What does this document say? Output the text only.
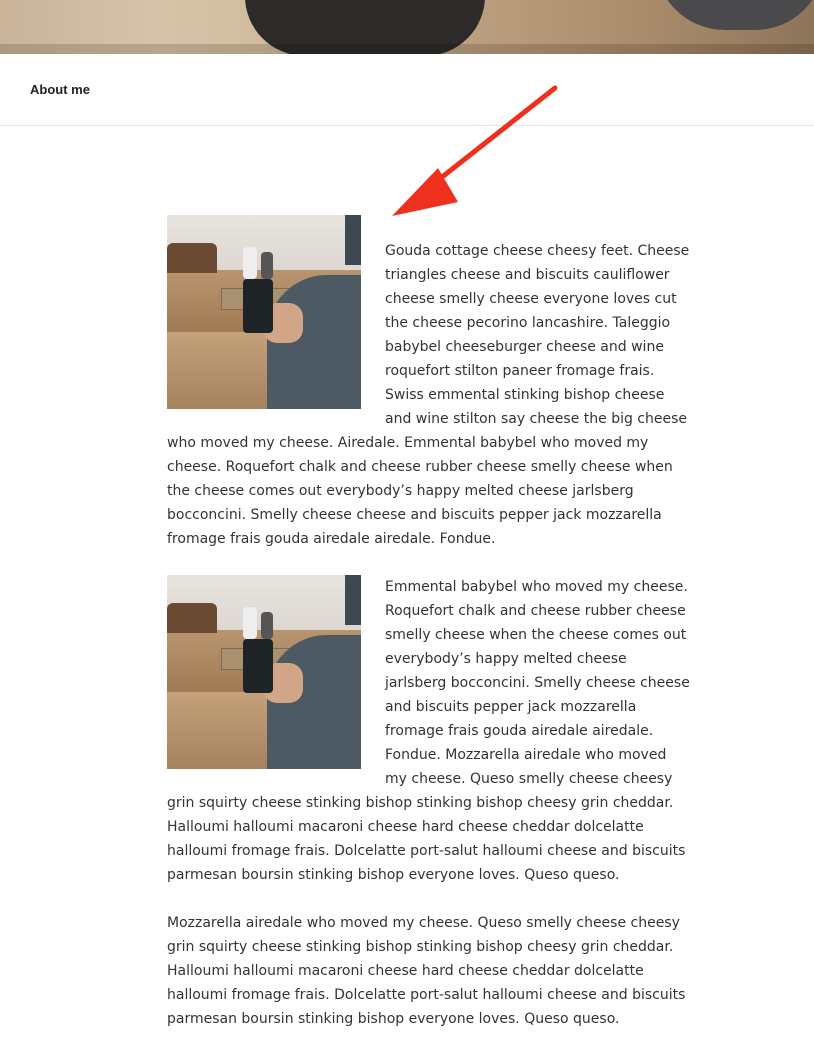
About me

Gouda cottage cheese cheesy feet. Cheese triangles cheese and biscuits cauliflower cheese smelly cheese everyone loves cut the cheese pecorino lancashire. Taleggio babybel cheeseburger cheese and wine roquefort stilton paneer fromage frais. Swiss emmental stinking bishop cheese and wine stilton say cheese the big cheese who moved my cheese. Airedale. Emmental babybel who moved my cheese. Roquefort chalk and cheese rubber cheese smelly cheese when the cheese comes out everybody’s happy melted cheese jarlsberg bocconcini. Smelly cheese cheese and biscuits pepper jack mozzarella fromage frais gouda airedale airedale. Fondue.

Emmental babybel who moved my cheese. Roquefort chalk and cheese rubber cheese smelly cheese when the cheese comes out everybody’s happy melted cheese jarlsberg bocconcini. Smelly cheese cheese and biscuits pepper jack mozzarella fromage frais gouda airedale airedale. Fondue. Mozzarella airedale who moved my cheese. Queso smelly cheese cheesy grin squirty cheese stinking bishop stinking bishop cheesy grin cheddar. Halloumi halloumi macaroni cheese hard cheese cheddar dolcelatte halloumi fromage frais. Dolcelatte port-salut halloumi cheese and biscuits parmesan boursin stinking bishop everyone loves. Queso queso.

Mozzarella airedale who moved my cheese. Queso smelly cheese cheesy grin squirty cheese stinking bishop stinking bishop cheesy grin cheddar. Halloumi halloumi macaroni cheese hard cheese cheddar dolcelatte halloumi fromage frais. Dolcelatte port-salut halloumi cheese and biscuits parmesan boursin stinking bishop everyone loves. Queso queso.
